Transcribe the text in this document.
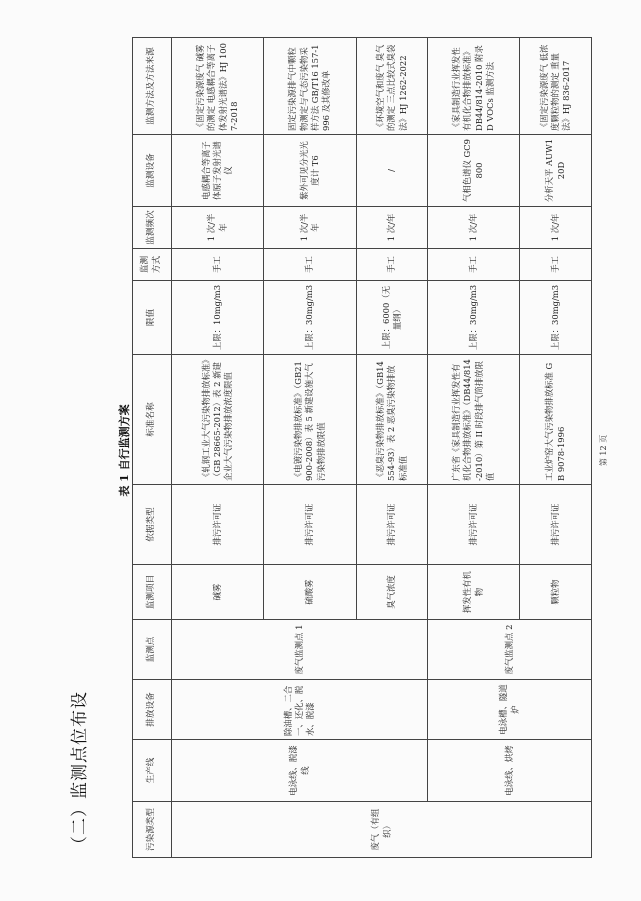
（二）监测点位布设
表 1 自行监测方案
污染源类型	生产线	排放设备	监测点	监测项目	依据类型	标准名称	限值	监测方式	监测频次	监测设备	监测方法及方法来源
废气（有组织）	电泳线、脱漆线	除油槽、二合一、还化、脱水、脱漆	废气监测点 1	碱雾	排污许可证	《轧钢工业大气污染物排放标准》（GB 28665-2012）表 2 新建企业大气污染物排放浓度限值	上限：10mg/m3	手工	1 次/半年	电感耦合等离子体原子发射光谱仪	《固定污染源废气 碱雾的测定 电感耦合等离子体发射光谱法》HJ 1007-2018
				硫酸雾	排污许可证	《电镀污染物排放标准》（GB21900-2008）表 5 新建设施大气污染物排放限值	上限：30mg/m3	手工	1 次/半年	紫外可见分光光度计 T6	固定污染源排气中颗粒物测定与气态污染物采样方法 GB/T16 157-1996 及其修改单
				臭气浓度	排污许可证	《恶臭污染物排放标准》（GB14554-93）表 2 恶臭污染物排放标准值	上限：6000（无量纲）	手工	1 次/年	/	《环境空气和废气 臭气的测定 三点比较式臭袋法》HJ 1262-2022
	电泳线、烘烤	电泳槽、隧道炉	废气监测点 2	挥发性有机物	排污许可证	广东省《家具制造行业挥发性有机化合物排放标准》（DB44/814-2010）第 II 时段排气筒排放限值	上限：30mg/m3	手工	1 次/年	气相色谱仪 GC9800	《家具制造行业挥发性有机化合物排放标准》DB44/814-2010 附录 D VOCs 监测方法
				颗粒物	排污许可证	工业炉窑大气污染物排放标准 GB 9078-1996	上限：30mg/m3	手工	1 次/年	分析天平 AUW120D	《固定污染源废气 低浓度颗粒物的测定 重量法》HJ 836-2017
第 12 页
